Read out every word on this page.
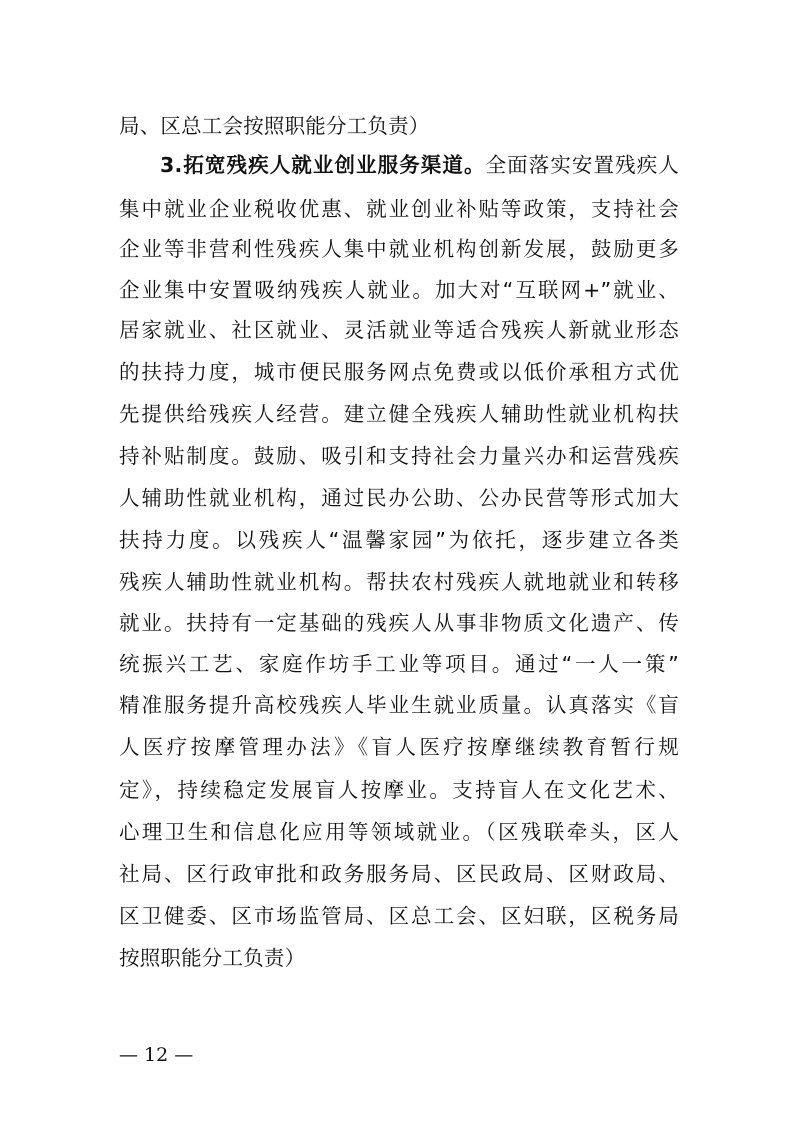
局、区总工会按照职能分工负责）
3.拓宽残疾人就业创业服务渠道。全面落实安置残疾人
集中就业企业税收优惠、就业创业补贴等政策，支持社会
企业等非营利性残疾人集中就业机构创新发展，鼓励更多
企业集中安置吸纳残疾人就业。加大对“互联网+”就业、
居家就业、社区就业、灵活就业等适合残疾人新就业形态
的扶持力度，城市便民服务网点免费或以低价承租方式优
先提供给残疾人经营。建立健全残疾人辅助性就业机构扶
持补贴制度。鼓励、吸引和支持社会力量兴办和运营残疾
人辅助性就业机构，通过民办公助、公办民营等形式加大
扶持力度。以残疾人“温馨家园”为依托，逐步建立各类
残疾人辅助性就业机构。帮扶农村残疾人就地就业和转移
就业。扶持有一定基础的残疾人从事非物质文化遗产、传
统振兴工艺、家庭作坊手工业等项目。通过“一人一策”
精准服务提升高校残疾人毕业生就业质量。认真落实《盲
人医疗按摩管理办法》《盲人医疗按摩继续教育暂行规
定》，持续稳定发展盲人按摩业。支持盲人在文化艺术、
心理卫生和信息化应用等领域就业。（区残联牵头，区人
社局、区行政审批和政务服务局、区民政局、区财政局、
区卫健委、区市场监管局、区总工会、区妇联，区税务局
按照职能分工负责）
— 12 —
